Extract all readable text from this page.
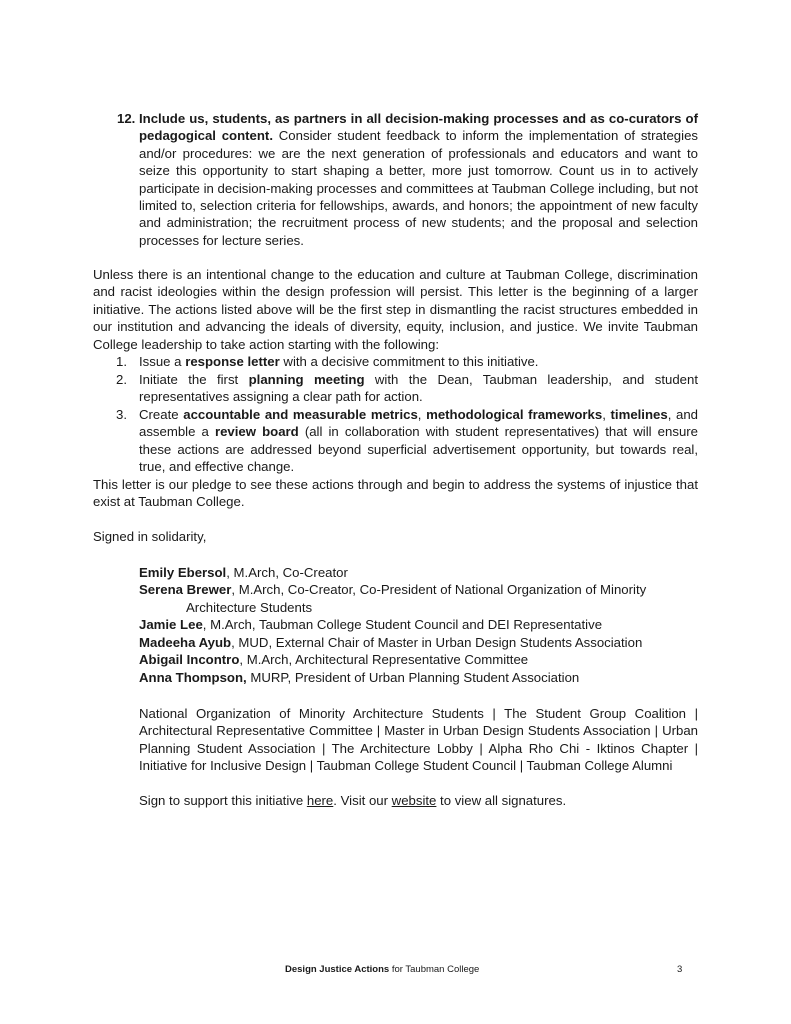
12. Include us, students, as partners in all decision-making processes and as co-curators of pedagogical content. Consider student feedback to inform the implementation of strategies and/or procedures: we are the next generation of professionals and educators and want to seize this opportunity to start shaping a better, more just tomorrow. Count us in to actively participate in decision-making processes and committees at Taubman College including, but not limited to, selection criteria for fellowships, awards, and honors; the appointment of new faculty and administration; the recruitment process of new students; and the proposal and selection processes for lecture series.
Unless there is an intentional change to the education and culture at Taubman College, discrimination and racist ideologies within the design profession will persist. This letter is the beginning of a larger initiative. The actions listed above will be the first step in dismantling the racist structures embedded in our institution and advancing the ideals of diversity, equity, inclusion, and justice. We invite Taubman College leadership to take action starting with the following:
1. Issue a response letter with a decisive commitment to this initiative.
2. Initiate the first planning meeting with the Dean, Taubman leadership, and student representatives assigning a clear path for action.
3. Create accountable and measurable metrics, methodological frameworks, timelines, and assemble a review board (all in collaboration with student representatives) that will ensure these actions are addressed beyond superficial advertisement opportunity, but towards real, true, and effective change.
This letter is our pledge to see these actions through and begin to address the systems of injustice that exist at Taubman College.
Signed in solidarity,
Emily Ebersol, M.Arch, Co-Creator
Serena Brewer, M.Arch, Co-Creator, Co-President of National Organization of Minority
Architecture Students
Jamie Lee, M.Arch, Taubman College Student Council and DEI Representative
Madeeha Ayub, MUD, External Chair of Master in Urban Design Students Association
Abigail Incontro, M.Arch, Architectural Representative Committee
Anna Thompson, MURP, President of Urban Planning Student Association
National Organization of Minority Architecture Students | The Student Group Coalition | Architectural Representative Committee | Master in Urban Design Students Association | Urban Planning Student Association | The Architecture Lobby | Alpha Rho Chi - Iktinos Chapter | Initiative for Inclusive Design | Taubman College Student Council | Taubman College Alumni
Sign to support this initiative here. Visit our website to view all signatures.
Design Justice Actions for Taubman College	3
